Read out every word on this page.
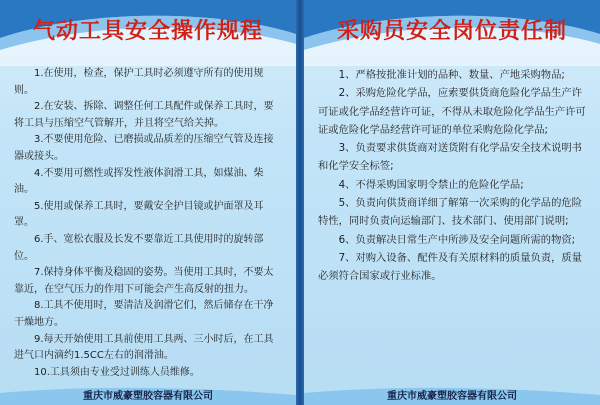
气动工具安全操作规程

1.在使用，检查，保护工具时必须遵守所有的使用规则。

2.在安装、拆除、调整任何工具配件或保养工具时，要将工具与压缩空气管解开，并且将空气给关掉。

3.不要使用危险、已磨损或品质差的压缩空气管及连接器或接头。

4.不要用可燃性或挥发性液体润滑工具，如煤油、柴油。

5.使用或保养工具时，要戴安全护目镜或护面罩及耳罩。

6.手、宽松衣服及长发不要靠近工具使用时的旋转部位。

7.保持身体平衡及稳固的姿势。当使用工具时，不要太靠近，在空气压力的作用下可能会产生高反射的扭力。

8.工具不使用时，要清洁及润滑它们，然后储存在干净干燥地方。

9.每天开始使用工具前使用工具两、三小时后，在工具进气口内滴约1.5CC左右的润滑油。

10.工具须由专业受过训练人员维修。

重庆市威豪塑胶容器有限公司
采购员安全岗位责任制

1、严格按批准计划的品种、数量、产地采购物品;

2、采购危险化学品，应索要供货商危险化学品生产许可证或化学品经营许可证，不得从未取危险化学品生产许可证或危险化学品经营许可证的单位采购危险化学品;

3、负责要求供货商对送货附有化学品安全技术说明书和化学安全标签;

4、不得采购国家明令禁止的危险化学品;

5、负责向供货商详细了解第一次采购的化学品的危险特性，同时负责向运输部门、技术部门、使用部门说明;

6、负责解决日常生产中所涉及安全问题所需的物资;

7、对购入设备、配件及有关原材料的质量负责，质量必须符合国家或行业标准。

重庆市威豪塑胶容器有限公司
